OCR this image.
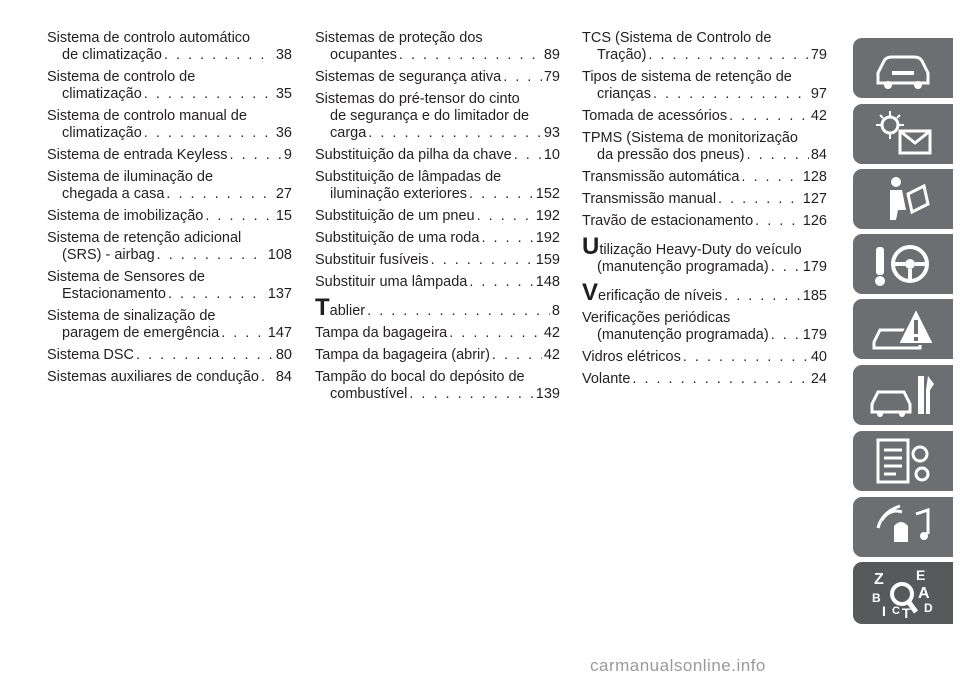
Sistema de controlo automático
de climatização . . .	38
Sistema de controlo de
climatização . . .	35
Sistema de controlo manual de
climatização . . .	36
Sistema de entrada Keyless . . .	9
Sistema de iluminação de
chegada a casa . . .	27
Sistema de imobilização . . .	15
Sistema de retenção adicional
(SRS) - airbag . . .	108
Sistema de Sensores de
Estacionamento . . .	137
Sistema de sinalização de
paragem de emergência . . .	147
Sistema DSC . . .	80
Sistemas auxiliares de condução . . . 84
Sistemas de proteção dos
ocupantes . . .	89
Sistemas de segurança ativa . . .	79
Sistemas do pré-tensor do cinto
de segurança e do limitador de
carga . . .	93
Substituição da pilha da chave . . . 10
Substituição de lâmpadas de
iluminação exteriores . . .	152
Substituição de um pneu . . .	192
Substituição de uma roda . . .	192
Substituir fusíveis . . .	159
Substituir uma lâmpada . . .	148
T ablier . . .	8
Tampa da bagageira . . .	42
Tampa da bagageira (abrir) . . .	42
Tampão do bocal do depósito de
combustível . . .	139
TCS (Sistema de Controlo de
Tração) . . .	79
Tipos de sistema de retenção de
crianças . . .	97
Tomada de acessórios . . .	42
TPMS (Sistema de monitorização
da pressão dos pneus) . . .	84
Transmissão automática . . .	128
Transmissão manual . . .	127
Travão de estacionamento . . .	126
U tilização Heavy-Duty do veículo
(manutenção programada) . . . 179
V erificação de níveis . . .	185
Verificações periódicas
(manutenção programada) . . . 179
Vidros elétricos . . .	40
Volante . . .	24
Z E
B A
I C T D
carmanualsonline.info
